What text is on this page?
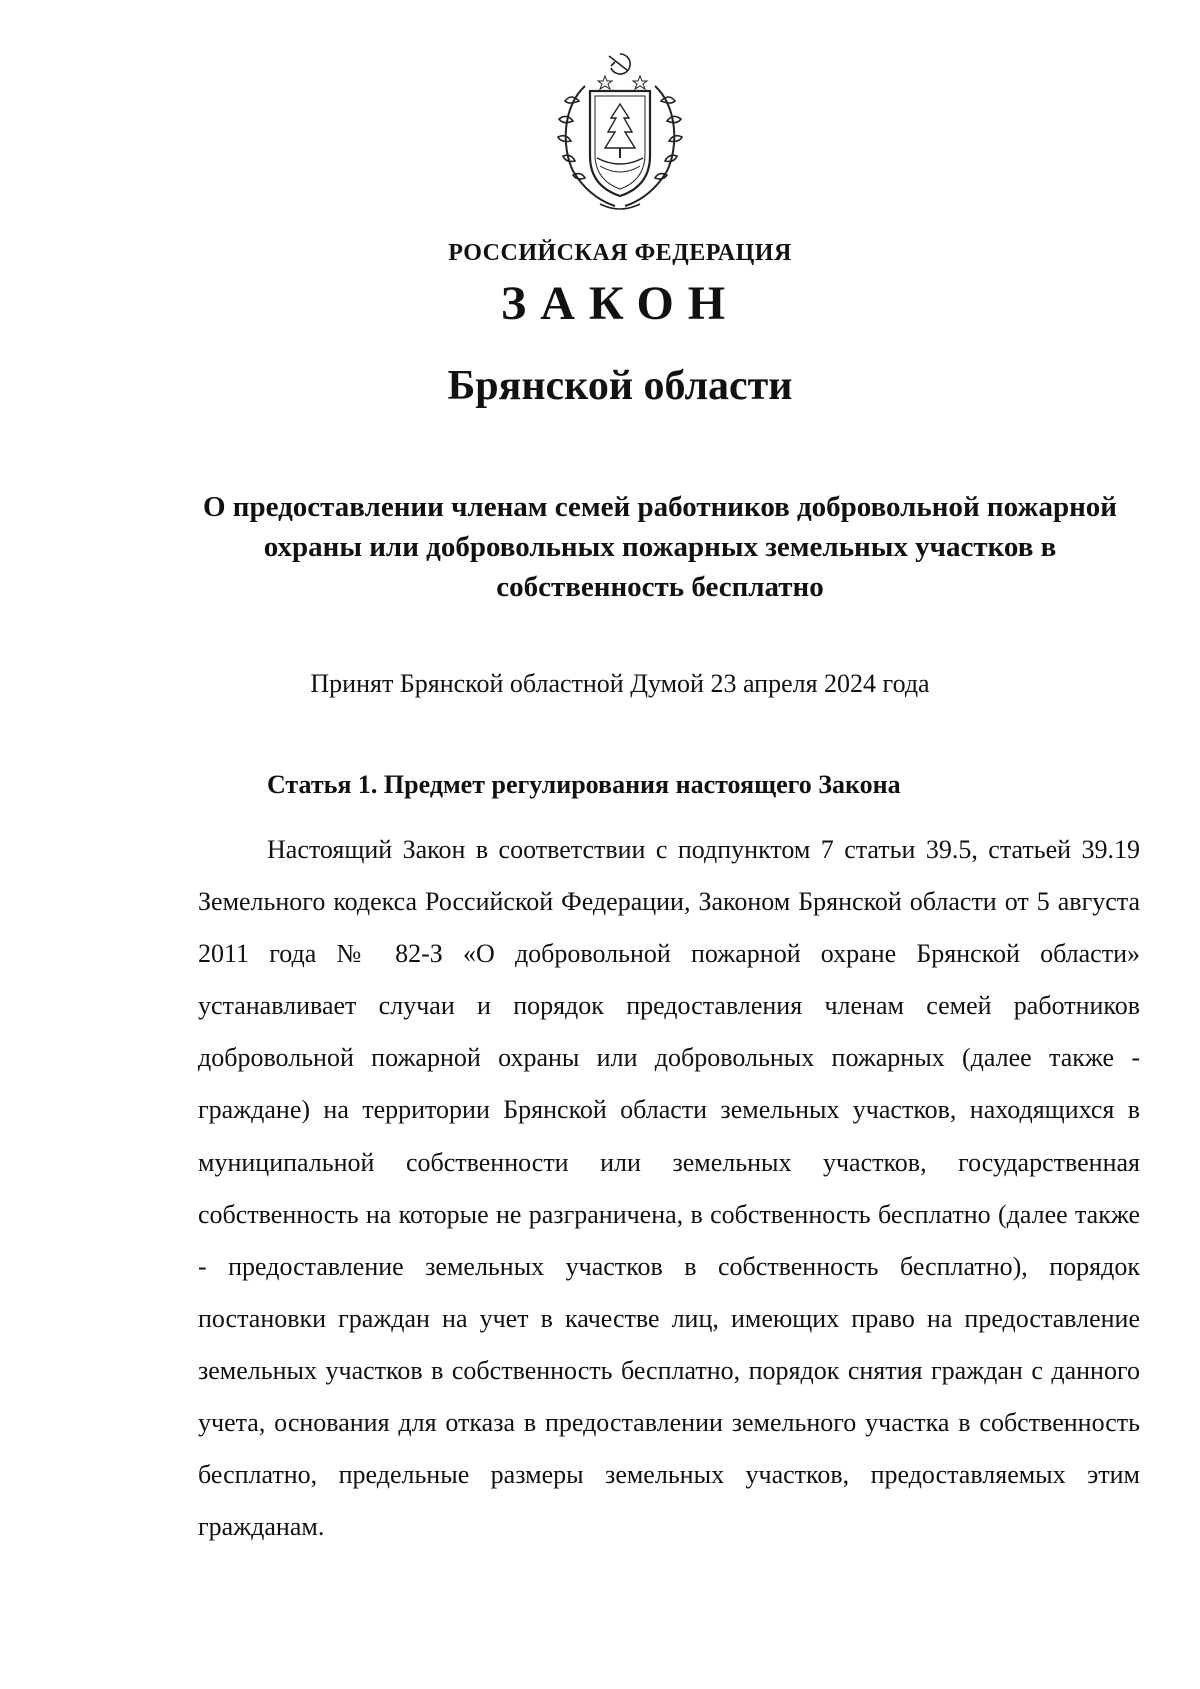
РОССИЙСКАЯ ФЕДЕРАЦИЯ
ЗАКОН
Брянской области
О предоставлении членам семей работников добровольной пожарной охраны или добровольных пожарных земельных участков в собственность бесплатно
Принят Брянской областной Думой 23 апреля 2024 года
Статья 1. Предмет регулирования настоящего Закона

Настоящий Закон в соответствии с подпунктом 7 статьи 39.5, статьей 39.19 Земельного кодекса Российской Федерации, Законом Брянской области от 5 августа 2011 года № 82-З «О добровольной пожарной охране Брянской области» устанавливает случаи и порядок предоставления членам семей работников добровольной пожарной охраны или добровольных пожарных (далее также - граждане) на территории Брянской области земельных участков, находящихся в муниципальной собственности или земельных участков, государственная собственность на которые не разграничена, в собственность бесплатно (далее также - предоставление земельных участков в собственность бесплатно), порядок постановки граждан на учет в качестве лиц, имеющих право на предоставление земельных участков в собственность бесплатно, порядок снятия граждан с данного учета, основания для отказа в предоставлении земельного участка в собственность бесплатно, предельные размеры земельных участков, предоставляемых этим гражданам.
